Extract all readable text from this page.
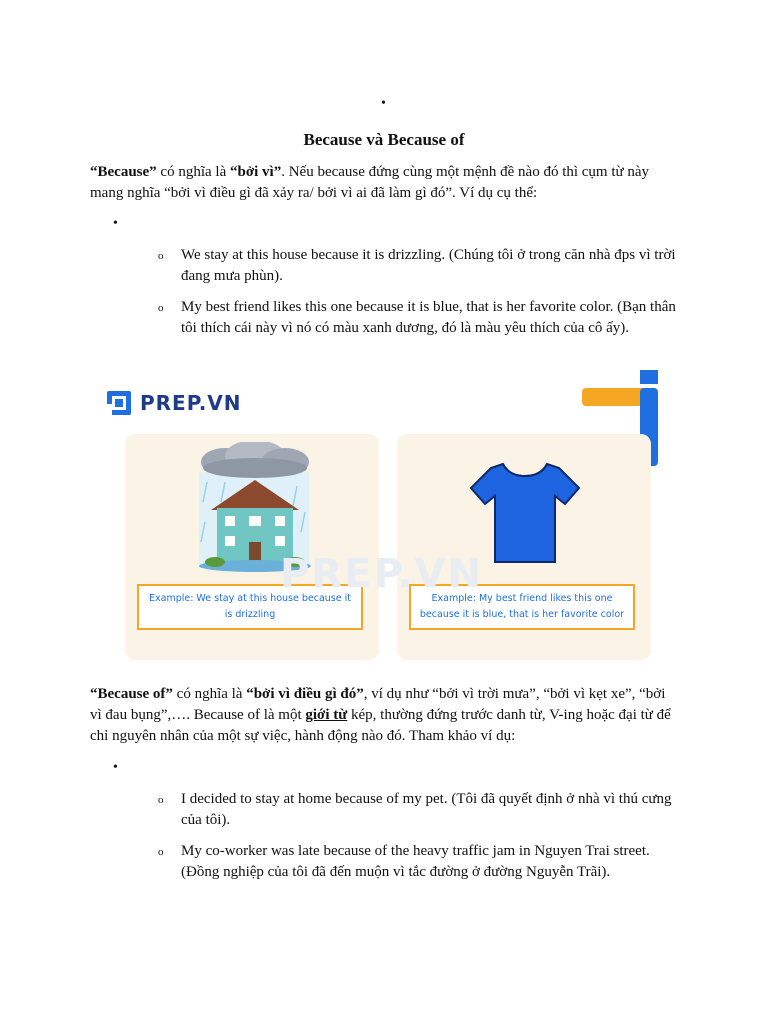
•
Because và Because of
“Because” có nghĩa là “bởi vì”. Nếu because đứng cùng một mệnh đề nào đó thì cụm từ này mang nghĩa “bởi vì điều gì đã xảy ra/ bởi vì ai đã làm gì đó”. Ví dụ cụ thể:
•
o We stay at this house because it is drizzling. (Chúng tôi ở trong căn nhà đps vì trời đang mưa phùn).
o My best friend likes this one because it is blue, that is her favorite color. (Bạn thân tôi thích cái này vì nó có màu xanh dương, đó là màu yêu thích của cô ấy).
PREP.VN
Example: We stay at this house because it is drizzling
Example: My best friend likes this one because it is blue, that is her favorite color
PREP.VN
“Because of” có nghĩa là “bởi vì điều gì đó”, ví dụ như “bởi vì trời mưa”, “bởi vì kẹt xe”, “bởi vì đau bụng”,…. Because of là một giới từ kép, thường đứng trước danh từ, V-ing hoặc đại từ để chỉ nguyên nhân của một sự việc, hành động nào đó. Tham khảo ví dụ:
•
o I decided to stay at home because of my pet. (Tôi đã quyết định ở nhà vì thú cưng của tôi).
o My co-worker was late because of the heavy traffic jam in Nguyen Trai street. (Đồng nghiệp của tôi đã đến muộn vì tắc đường ở đường Nguyễn Trãi).
